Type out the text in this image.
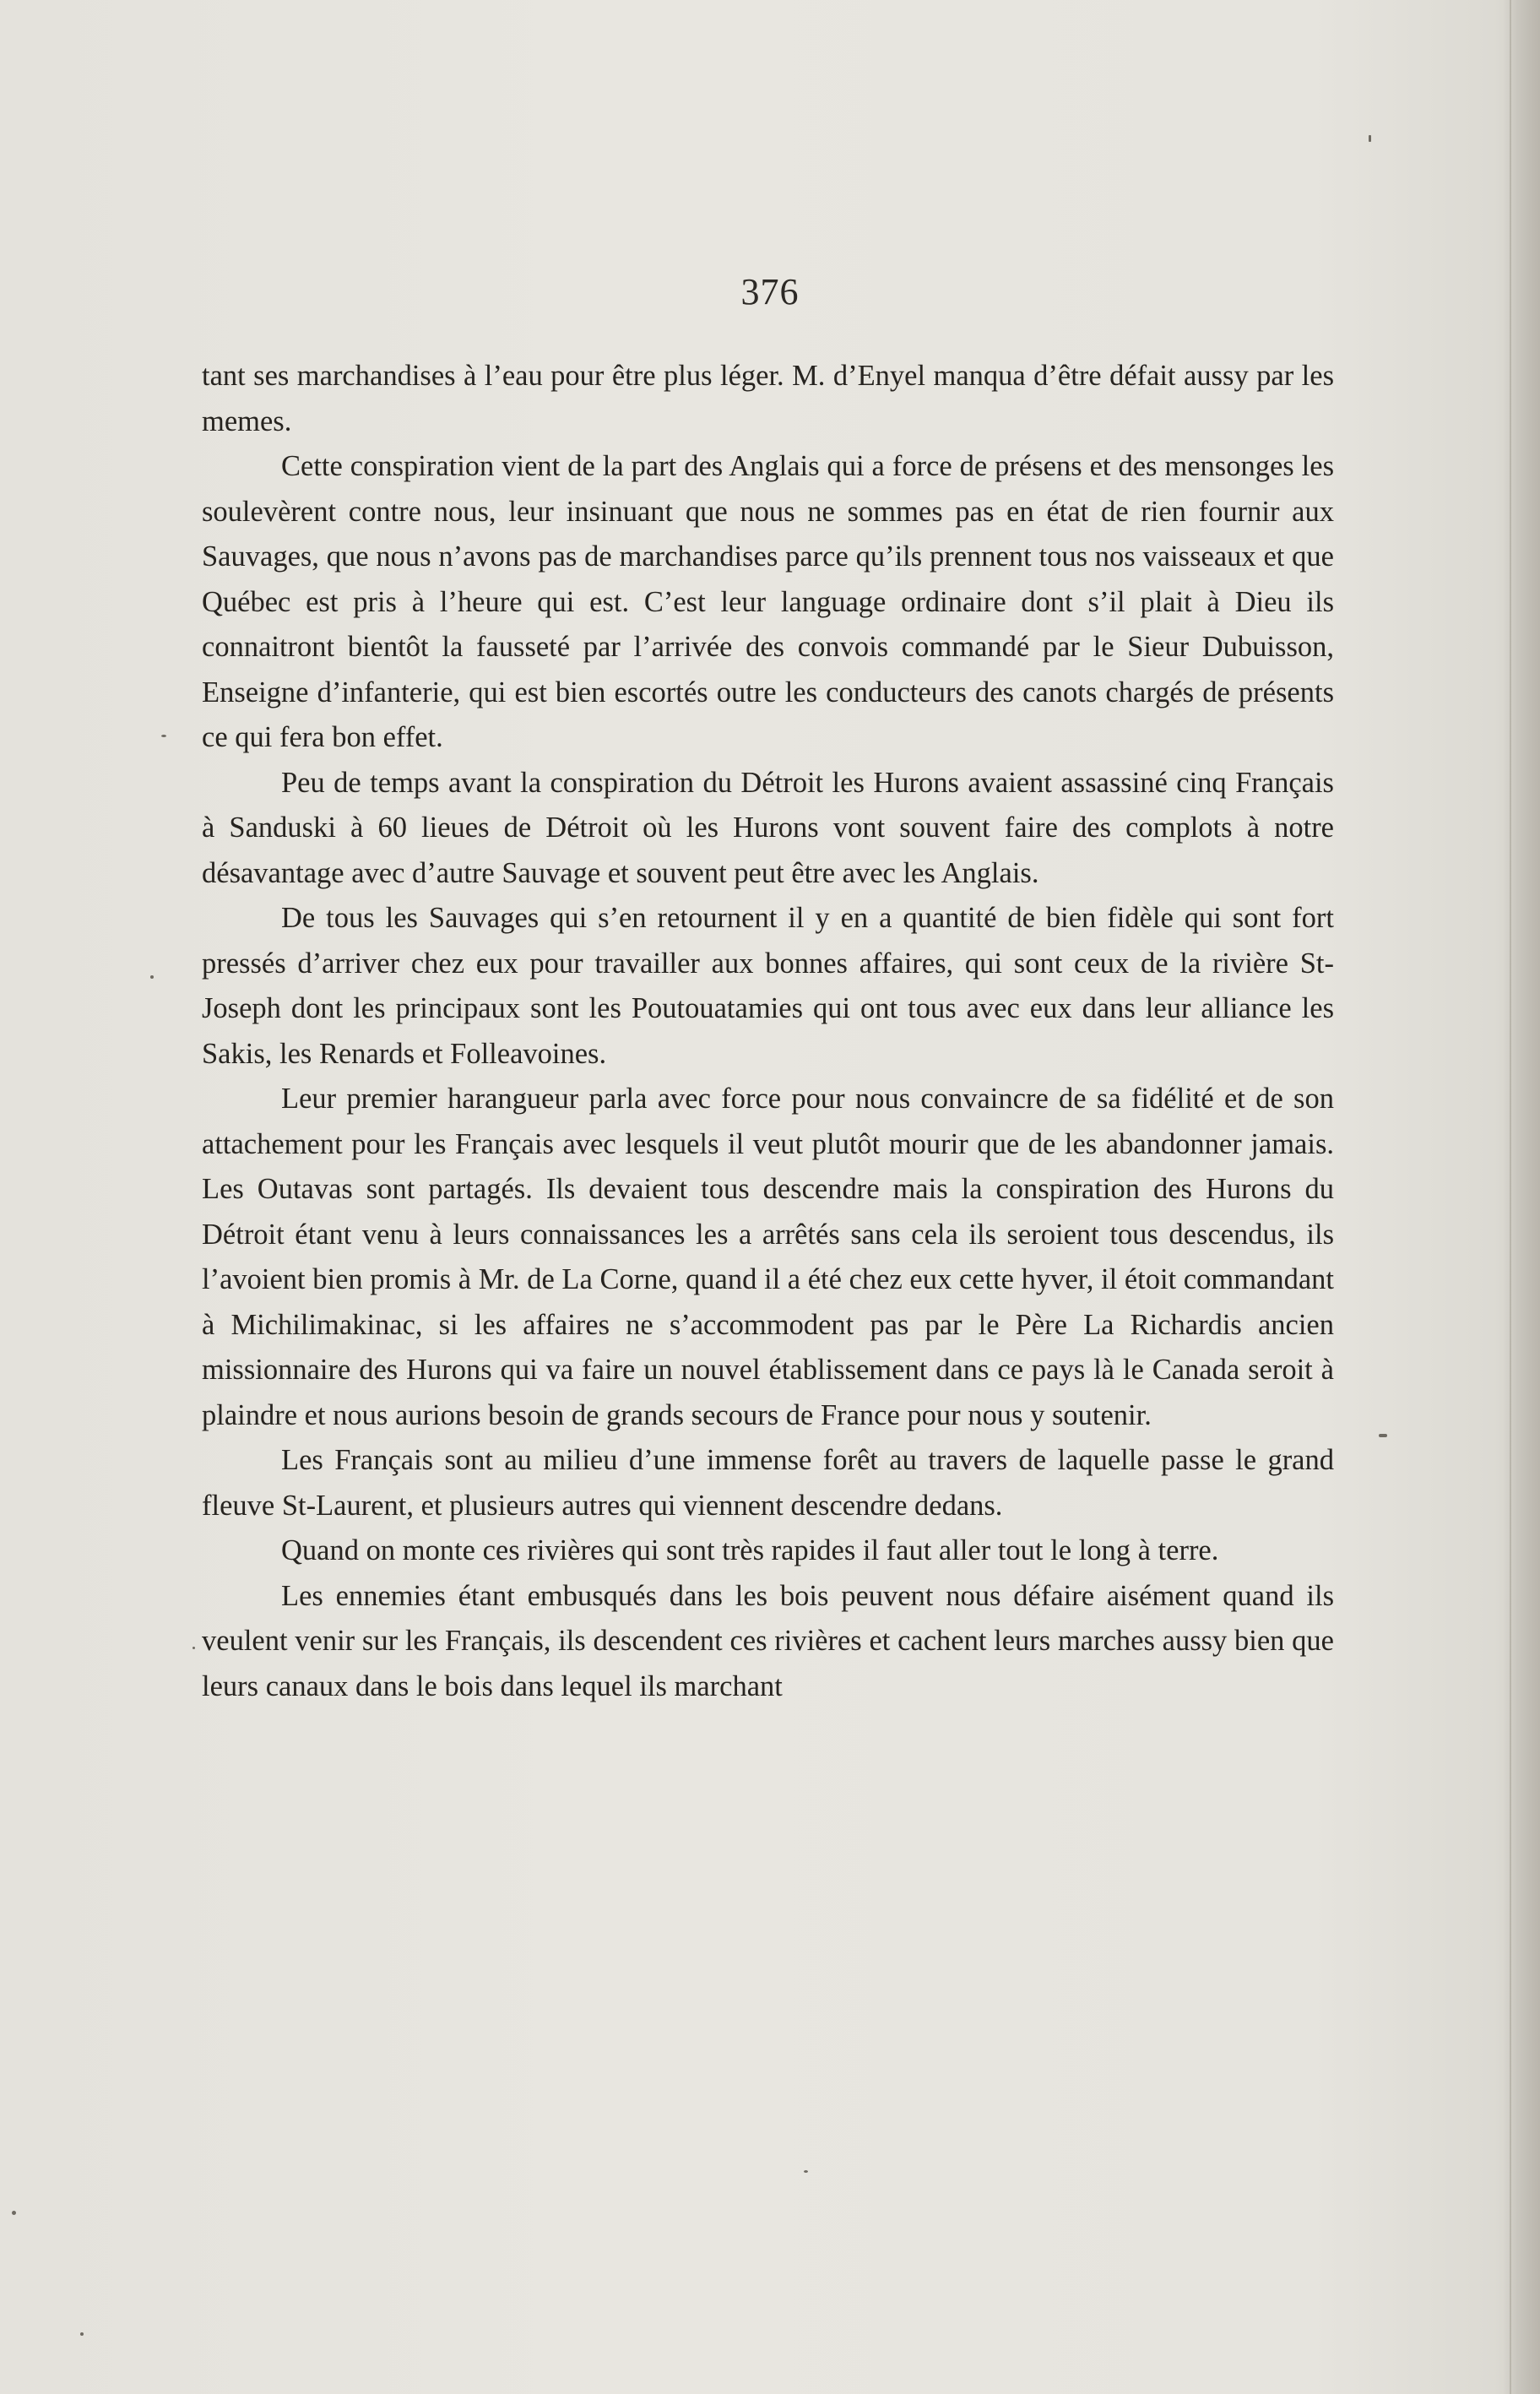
376

tant ses marchandises à l’eau pour être plus léger. M. d’Enyel manqua d’être défait aussy par les memes.

Cette conspiration vient de la part des Anglais qui a force de présens et des mensonges les soulevèrent contre nous, leur insinuant que nous ne sommes pas en état de rien fournir aux Sauvages, que nous n’avons pas de marchandises parce qu’ils prennent tous nos vaisseaux et que Québec est pris à l’heure qui est. C’est leur language ordinaire dont s’il plait à Dieu ils connaitront bientôt la fausseté par l’arrivée des convois commandé par le Sieur Dubuisson, Enseigne d’infanterie, qui est bien escortés outre les conducteurs des canots chargés de présents ce qui fera bon effet.

Peu de temps avant la conspiration du Détroit les Hurons avaient assassiné cinq Français à Sanduski à 60 lieues de Détroit où les Hurons vont souvent faire des complots à notre désavantage avec d’autre Sauvage et souvent peut être avec les Anglais.

De tous les Sauvages qui s’en retournent il y en a quantité de bien fidèle qui sont fort pressés d’arriver chez eux pour travailler aux bonnes affaires, qui sont ceux de la rivière St-Joseph dont les principaux sont les Poutouatamies qui ont tous avec eux dans leur alliance les Sakis, les Renards et Folleavoines.

Leur premier harangueur parla avec force pour nous convaincre de sa fidélité et de son attachement pour les Français avec lesquels il veut plutôt mourir que de les abandonner jamais. Les Outavas sont partagés. Ils devaient tous descendre mais la conspiration des Hurons du Détroit étant venu à leurs connaissances les a arrêtés sans cela ils seroient tous descendus, ils l’avoient bien promis à Mr. de La Corne, quand il a été chez eux cette hyver, il étoit commandant à Michilimakinac, si les affaires ne s’accommodent pas par le Père La Richardis ancien missionnaire des Hurons qui va faire un nouvel établissement dans ce pays là le Canada seroit à plaindre et nous aurions besoin de grands secours de France pour nous y soutenir.

Les Français sont au milieu d’une immense forêt au travers de laquelle passe le grand fleuve St-Laurent, et plusieurs autres qui viennent descendre dedans.

Quand on monte ces rivières qui sont très rapides il faut aller tout le long à terre.

Les ennemies étant embusqués dans les bois peuvent nous défaire aisément quand ils veulent venir sur les Français, ils descendent ces rivières et cachent leurs marches aussy bien que leurs canaux dans le bois dans lequel ils marchant
